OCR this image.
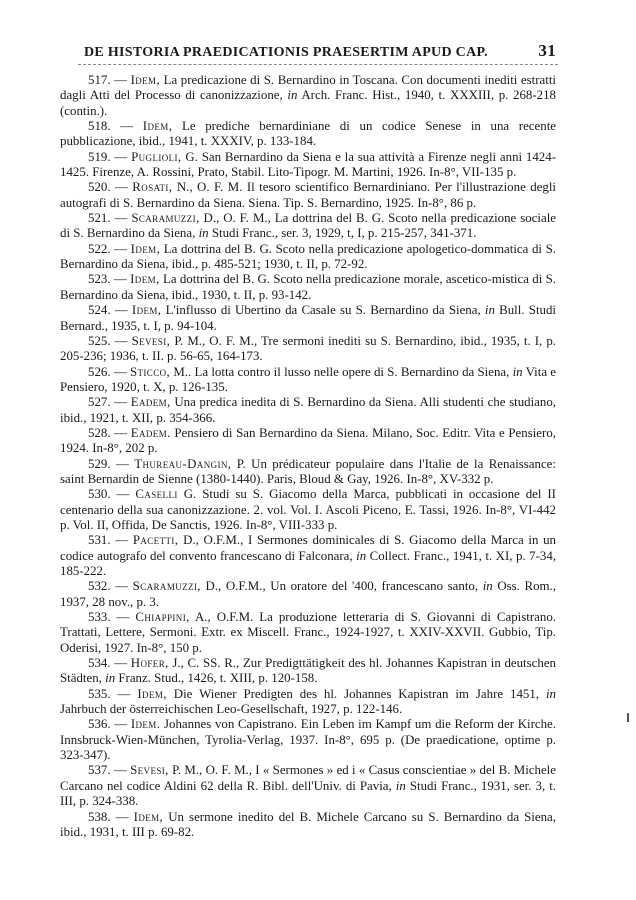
DE HISTORIA PRAEDICATIONIS PRAESERTIM APUD CAP.	31

517. — Idem, La predicazione di S. Bernardino in Toscana. Con documenti inediti estratti dagli Atti del Processo di canonizzazione, in Arch. Franc. Hist., 1940, t. XXXIII, p. 268-218 (contin.).

518. — Idem, Le prediche bernardiniane di un codice Senese in una recente pubblicazione, ibid., 1941, t. XXXIV, p. 133-184.

519. — Puglioli, G. San Bernardino da Siena e la sua attività a Firenze negli anni 1424-1425. Firenze, A. Rossini, Prato, Stabil. Lito-Tipogr. M. Martini, 1926. In-8°, VII-135 p.

520. — Rosati, N., O. F. M. Il tesoro scientifico Bernardiniano. Per l'illustrazione degli autografi di S. Bernardino da Siena. Siena. Tip. S. Bernardino, 1925. In-8°, 86 p.

521. — Scaramuzzi, D., O. F. M., La dottrina del B. G. Scoto nella predicazione sociale di S. Bernardino da Siena, in Studi Franc., ser. 3, 1929, t, I, p. 215-257, 341-371.

522. — Idem, La dottrina del B. G. Scoto nella predicazione apologetico-dommatica di S. Bernardino da Siena, ibid., p. 485-521; 1930, t. II, p. 72-92.

523. — Idem, La dottrina del B. G. Scoto nella predicazione morale, ascetico-mistica di S. Bernardino da Siena, ibid., 1930, t. II, p. 93-142.

524. — Idem, L'influsso di Ubertino da Casale su S. Bernardino da Siena, in Bull. Studi Bernard., 1935, t. I, p. 94-104.

525. — Sevesi, P. M., O. F. M., Tre sermoni inediti su S. Bernardino, ibid., 1935, t. I, p. 205-236; 1936, t. II. p. 56-65, 164-173.

526. — Sticco, M.. La lotta contro il lusso nelle opere di S. Bernardino da Siena, in Vita e Pensiero, 1920, t. X, p. 126-135.

527. — Eadem, Una predica inedita di S. Bernardino da Siena. Alli studenti che studiano, ibid., 1921, t. XII, p. 354-366.

528. — Eadem. Pensiero di San Bernardino da Siena. Milano, Soc. Editr. Vita e Pensiero, 1924. In-8°, 202 p.

529. — Thureau-Dangin, P. Un prédicateur populaire dans l'Italie de la Renaissance: saint Bernardin de Sienne (1380-1440). Paris, Bloud & Gay, 1926. In-8°, XV-332 p.

530. — Caselli G. Studi su S. Giacomo della Marca, pubblicati in occasione del II centenario della sua canonizzazione. 2. vol. Vol. I. Ascoli Piceno, E. Tassi, 1926. In-8°, VI-442 p. Vol. II, Offida, De Sanctis, 1926. In-8°, VIII-333 p.

531. — Pacetti, D., O.F.M., I Sermones dominicales di S. Giacomo della Marca in un codice autografo del convento francescano di Falconara, in Collect. Franc., 1941, t. XI, p. 7-34, 185-222.

532. — Scaramuzzi, D., O.F.M., Un oratore del '400, francescano santo, in Oss. Rom., 1937, 28 nov., p. 3.

533. — Chiappini, A., O.F.M. La produzione letteraria di S. Giovanni di Capistrano. Trattati, Lettere, Sermoni. Extr. ex Miscell. Franc., 1924-1927, t. XXIV-XXVII. Gubbio, Tip. Oderisi, 1927. In-8°, 150 p.

534. — Hofer, J., C. SS. R., Zur Predigttätigkeit des hl. Johannes Kapistran in deutschen Städten, in Franz. Stud., 1426, t. XIII, p. 120-158.

535. — Idem, Die Wiener Predigten des hl. Johannes Kapistran im Jahre 1451, in Jahrbuch der österreichischen Leo-Gesellschaft, 1927, p. 122-146.

536. — Idem. Johannes von Capistrano. Ein Leben im Kampf um die Reform der Kirche. Innsbruck-Wien-München, Tyrolia-Verlag, 1937. In-8°, 695 p. (De praedicatione, optime p. 323-347).

537. — Sevesi, P. M., O. F. M., I « Sermones » ed i « Casus conscientiae » del B. Michele Carcano nel codice Aldini 62 della R. Bibl. dell'Univ. di Pavia, in Studi Franc., 1931, ser. 3, t. III, p. 324-338.

538. — Idem, Un sermone inedito del B. Michele Carcano su S. Bernardino da Siena, ibid., 1931, t. III p. 69-82.
